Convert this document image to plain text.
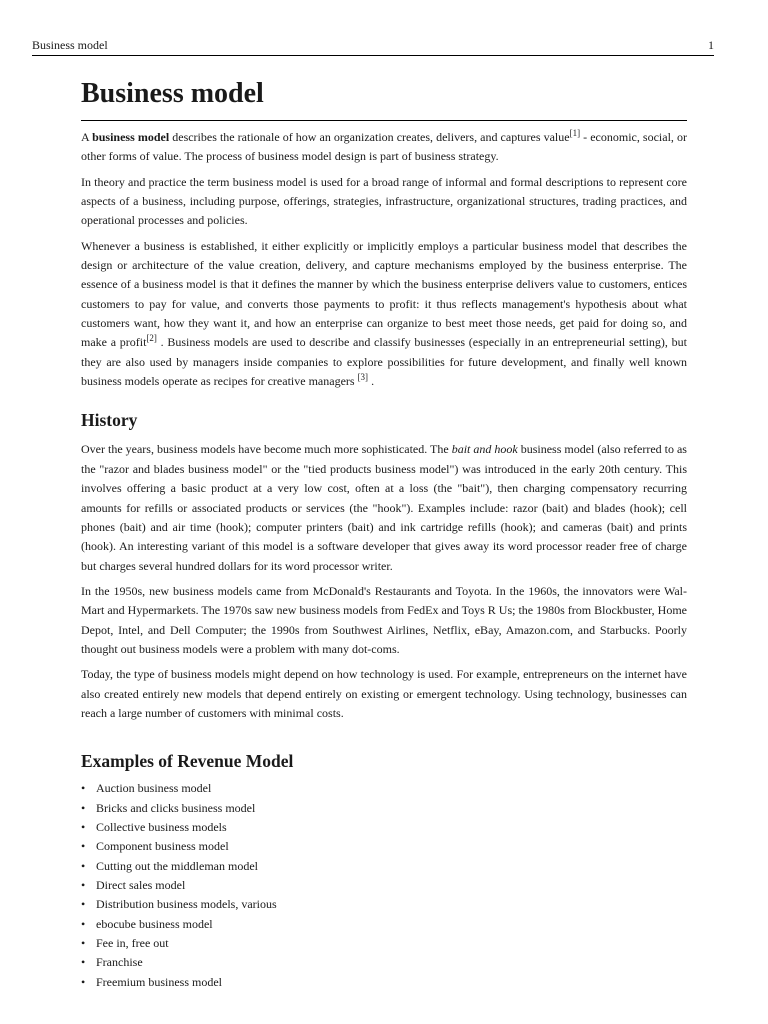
Business model	1
Business model

A business model describes the rationale of how an organization creates, delivers, and captures value[1] - economic, social, or other forms of value. The process of business model design is part of business strategy.

In theory and practice the term business model is used for a broad range of informal and formal descriptions to represent core aspects of a business, including purpose, offerings, strategies, infrastructure, organizational structures, trading practices, and operational processes and policies.

Whenever a business is established, it either explicitly or implicitly employs a particular business model that describes the design or architecture of the value creation, delivery, and capture mechanisms employed by the business enterprise. The essence of a business model is that it defines the manner by which the business enterprise delivers value to customers, entices customers to pay for value, and converts those payments to profit: it thus reflects management's hypothesis about what customers want, how they want it, and how an enterprise can organize to best meet those needs, get paid for doing so, and make a profit[2] . Business models are used to describe and classify businesses (especially in an entrepreneurial setting), but they are also used by managers inside companies to explore possibilities for future development, and finally well known business models operate as recipes for creative managers [3] .

History

Over the years, business models have become much more sophisticated. The bait and hook business model (also referred to as the "razor and blades business model" or the "tied products business model") was introduced in the early 20th century. This involves offering a basic product at a very low cost, often at a loss (the "bait"), then charging compensatory recurring amounts for refills or associated products or services (the "hook"). Examples include: razor (bait) and blades (hook); cell phones (bait) and air time (hook); computer printers (bait) and ink cartridge refills (hook); and cameras (bait) and prints (hook). An interesting variant of this model is a software developer that gives away its word processor reader free of charge but charges several hundred dollars for its word processor writer.

In the 1950s, new business models came from McDonald's Restaurants and Toyota. In the 1960s, the innovators were Wal-Mart and Hypermarkets. The 1970s saw new business models from FedEx and Toys R Us; the 1980s from Blockbuster, Home Depot, Intel, and Dell Computer; the 1990s from Southwest Airlines, Netflix, eBay, Amazon.com, and Starbucks. Poorly thought out business models were a problem with many dot-coms.

Today, the type of business models might depend on how technology is used. For example, entrepreneurs on the internet have also created entirely new models that depend entirely on existing or emergent technology. Using technology, businesses can reach a large number of customers with minimal costs.

Examples of Revenue Model
• Auction business model
• Bricks and clicks business model
• Collective business models
• Component business model
• Cutting out the middleman model
• Direct sales model
• Distribution business models, various
• ebocube business model
• Fee in, free out
• Franchise
• Freemium business model
